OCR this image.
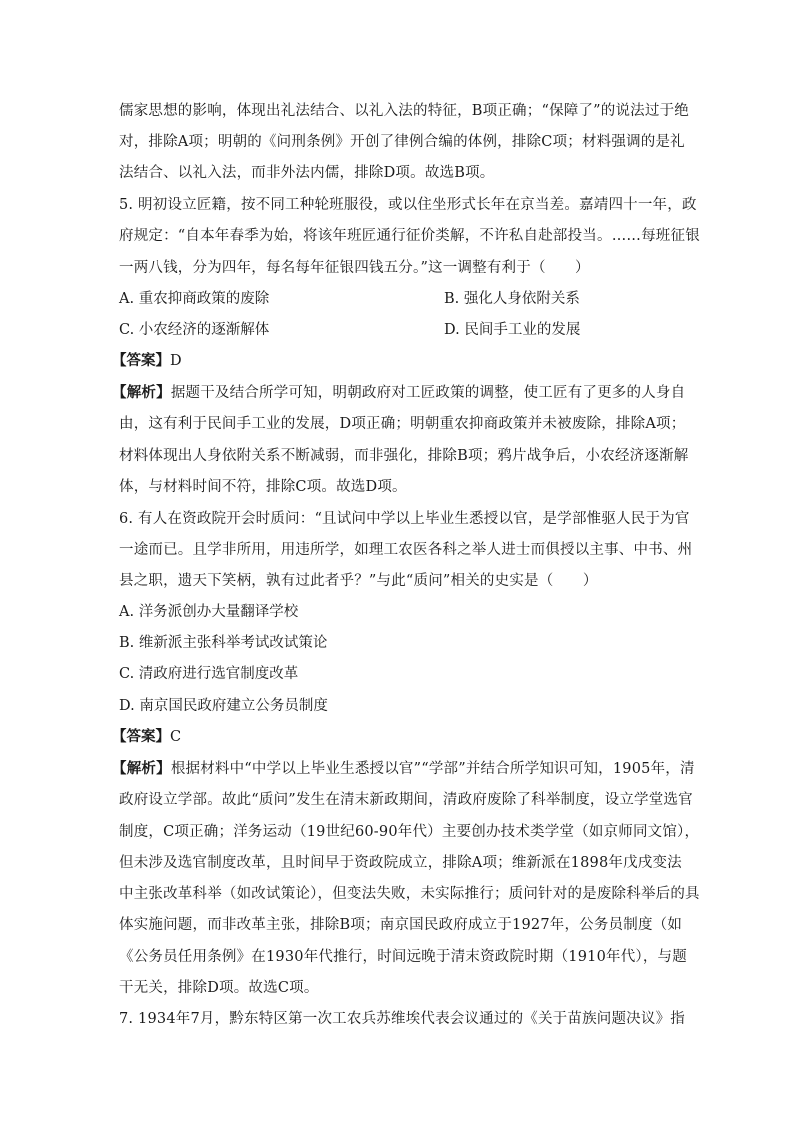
儒家思想的影响，体现出礼法结合、以礼入法的特征，B项正确；“保障了”的说法过于绝
对，排除A项；明朝的《问刑条例》开创了律例合编的体例，排除C项；材料强调的是礼
法结合、以礼入法，而非外法内儒，排除D项。故选B项。
5. 明初设立匠籍，按不同工种轮班服役，或以住坐形式长年在京当差。嘉靖四十一年，政
府规定：“自本年春季为始，将该年班匠通行征价类解，不许私自赴部投当。……每班征银
一两八钱，分为四年，每名每年征银四钱五分。”这一调整有利于（　　）
A. 重农抑商政策的废除	B. 强化人身依附关系
C. 小农经济的逐渐解体	D. 民间手工业的发展
【答案】D
【解析】据题干及结合所学可知，明朝政府对工匠政策的调整，使工匠有了更多的人身自
由，这有利于民间手工业的发展，D项正确；明朝重农抑商政策并未被废除，排除A项；
材料体现出人身依附关系不断减弱，而非强化，排除B项；鸦片战争后，小农经济逐渐解
体，与材料时间不符，排除C项。故选D项。
6. 有人在资政院开会时质问：“且试问中学以上毕业生悉授以官，是学部惟驱人民于为官
一途而已。且学非所用，用违所学，如理工农医各科之举人进士而俱授以主事、中书、州
县之职，遗天下笑柄，孰有过此者乎？”与此“质问”相关的史实是（　　）
A. 洋务派创办大量翻译学校
B. 维新派主张科举考试改试策论
C. 清政府进行选官制度改革
D. 南京国民政府建立公务员制度
【答案】C
【解析】根据材料中“中学以上毕业生悉授以官”“学部”并结合所学知识可知，1905年，清
政府设立学部。故此“质问”发生在清末新政期间，清政府废除了科举制度，设立学堂选官
制度，C项正确；洋务运动（19世纪60-90年代）主要创办技术类学堂（如京师同文馆），
但未涉及选官制度改革，且时间早于资政院成立，排除A项；维新派在1898年戊戌变法
中主张改革科举（如改试策论），但变法失败，未实际推行；质问针对的是废除科举后的具
体实施问题，而非改革主张，排除B项；南京国民政府成立于1927年，公务员制度（如
《公务员任用条例》在1930年代推行，时间远晚于清末资政院时期（1910年代），与题
干无关，排除D项。故选C项。
7. 1934年7月，黔东特区第一次工农兵苏维埃代表会议通过的《关于苗族问题决议》指
